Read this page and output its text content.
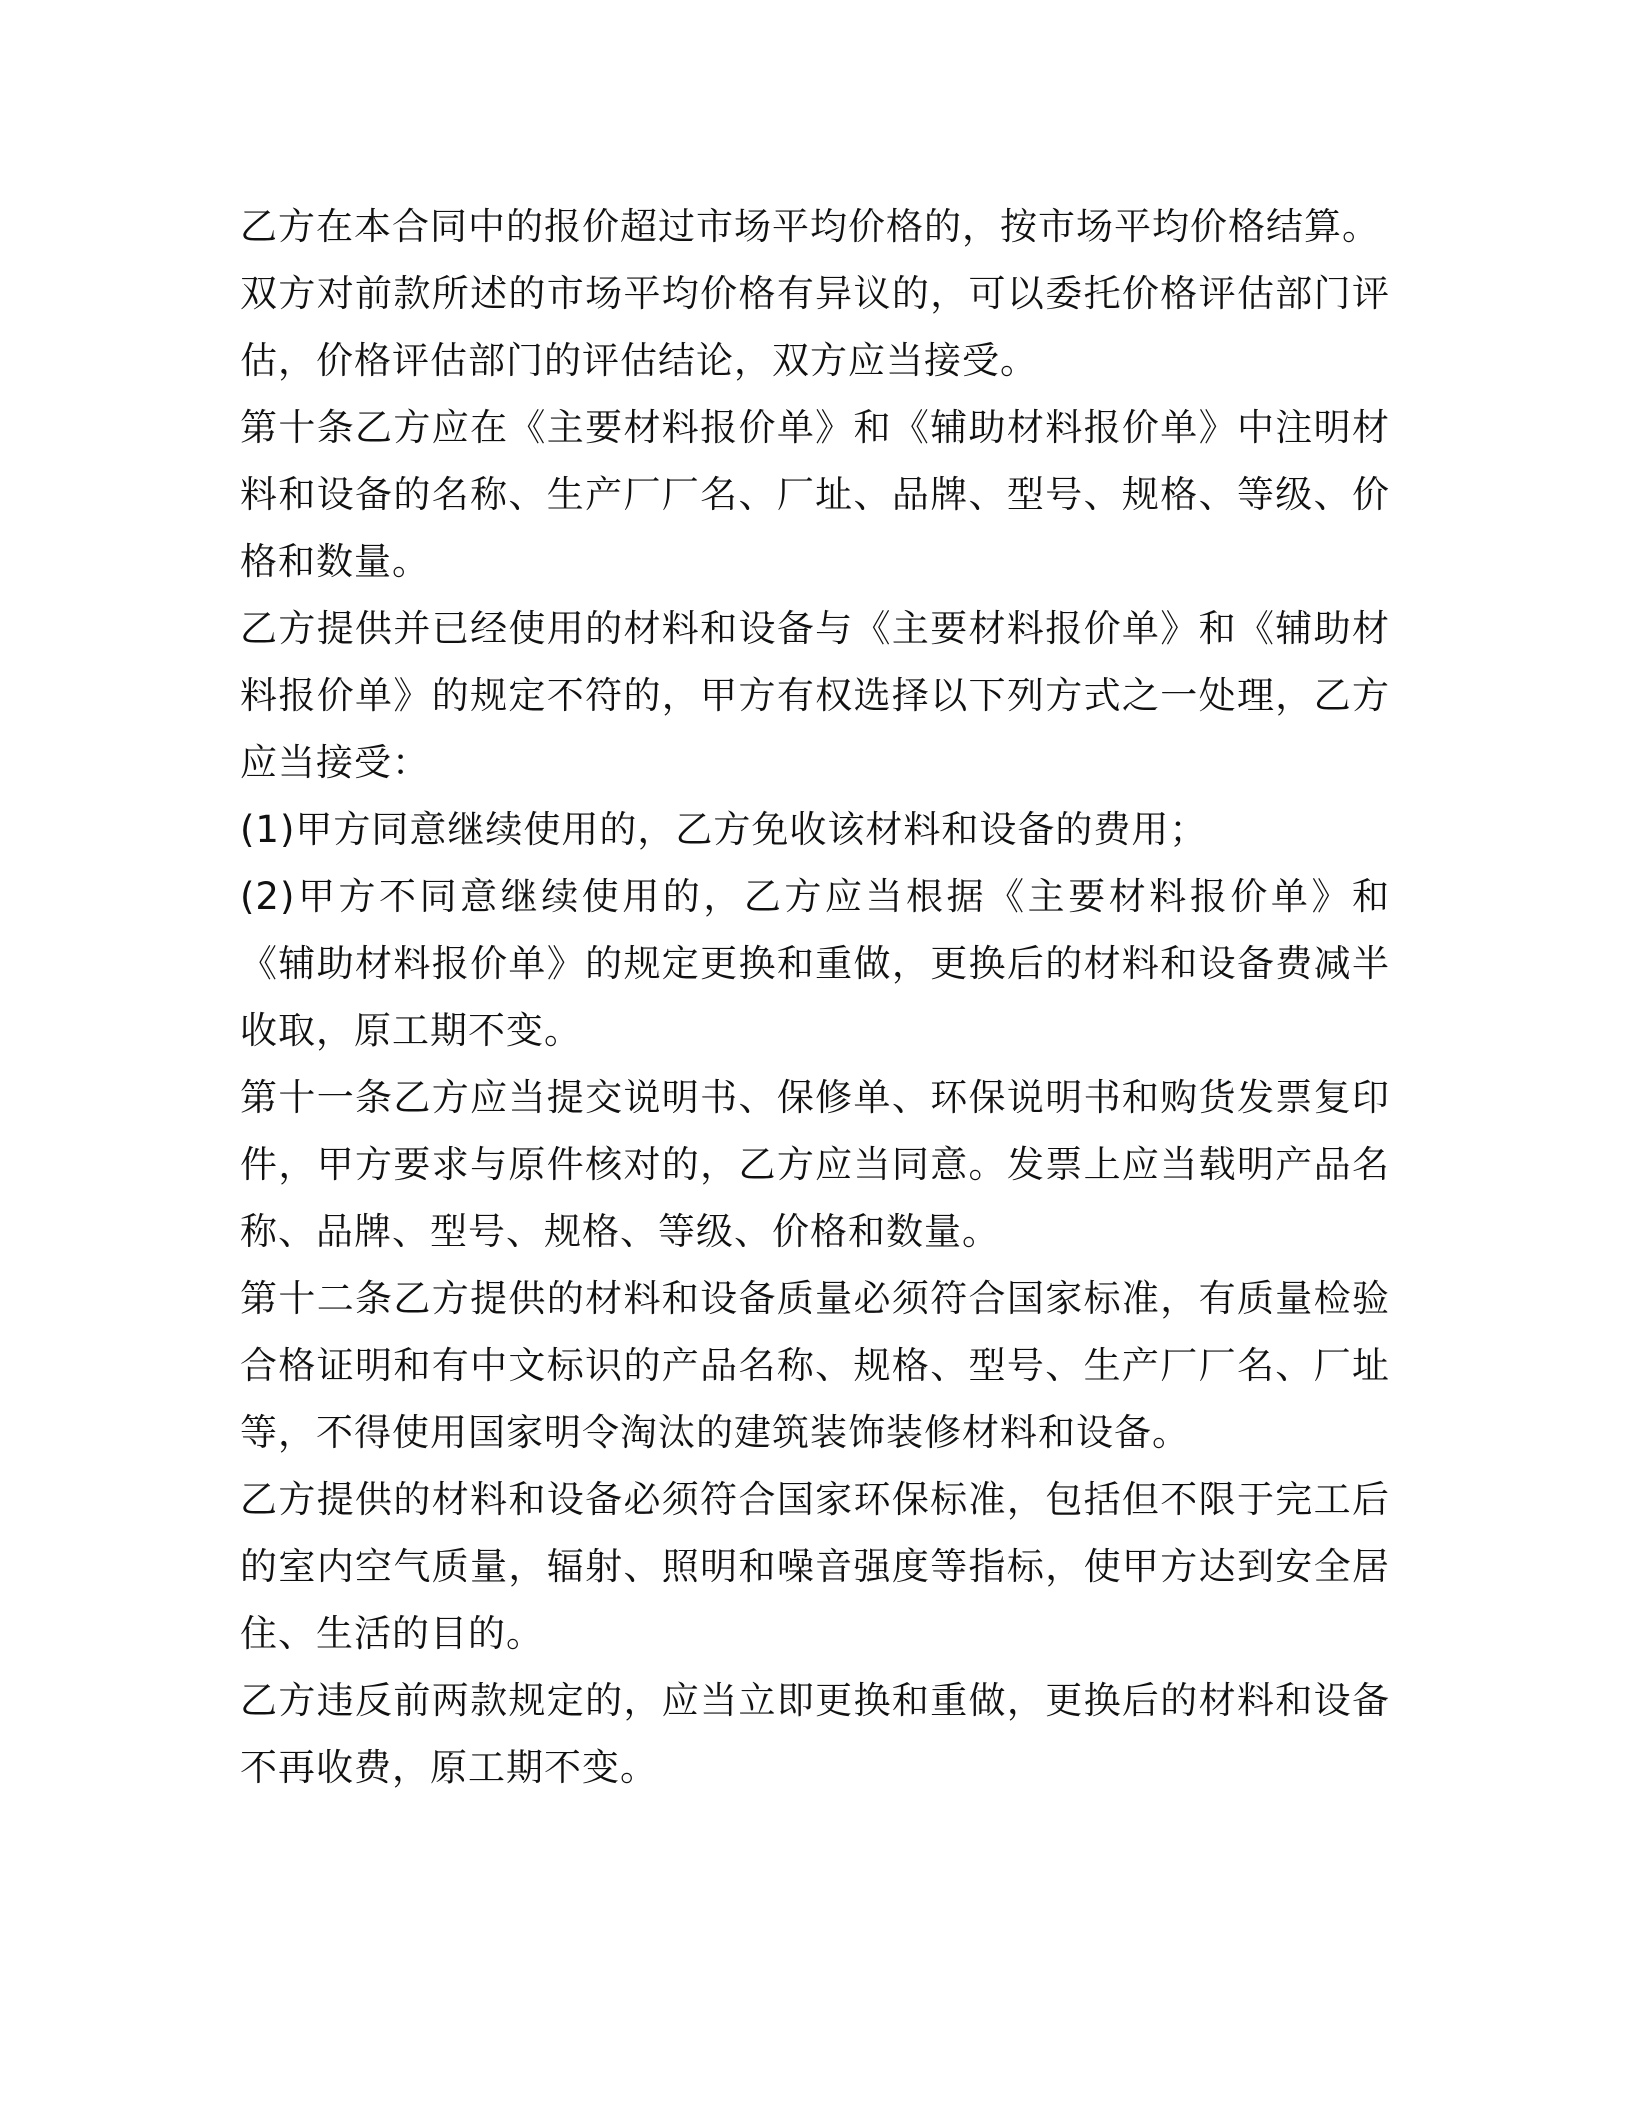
乙方在本合同中的报价超过市场平均价格的，按市场平均价格结算。

双方对前款所述的市场平均价格有异议的，可以委托价格评估部门评估，价格评估部门的评估结论，双方应当接受。

第十条乙方应在《主要材料报价单》和《辅助材料报价单》中注明材料和设备的名称、生产厂厂名、厂址、品牌、型号、规格、等级、价格和数量。

乙方提供并已经使用的材料和设备与《主要材料报价单》和《辅助材料报价单》的规定不符的，甲方有权选择以下列方式之一处理，乙方应当接受：

(1)甲方同意继续使用的，乙方免收该材料和设备的费用；

(2)甲方不同意继续使用的，乙方应当根据《主要材料报价单》和《辅助材料报价单》的规定更换和重做，更换后的材料和设备费减半收取，原工期不变。

第十一条乙方应当提交说明书、保修单、环保说明书和购货发票复印件，甲方要求与原件核对的，乙方应当同意。发票上应当载明产品名称、品牌、型号、规格、等级、价格和数量。

第十二条乙方提供的材料和设备质量必须符合国家标准，有质量检验合格证明和有中文标识的产品名称、规格、型号、生产厂厂名、厂址等，不得使用国家明令淘汰的建筑装饰装修材料和设备。

乙方提供的材料和设备必须符合国家环保标准，包括但不限于完工后的室内空气质量，辐射、照明和噪音强度等指标，使甲方达到安全居住、生活的目的。

乙方违反前两款规定的，应当立即更换和重做，更换后的材料和设备不再收费，原工期不变。
